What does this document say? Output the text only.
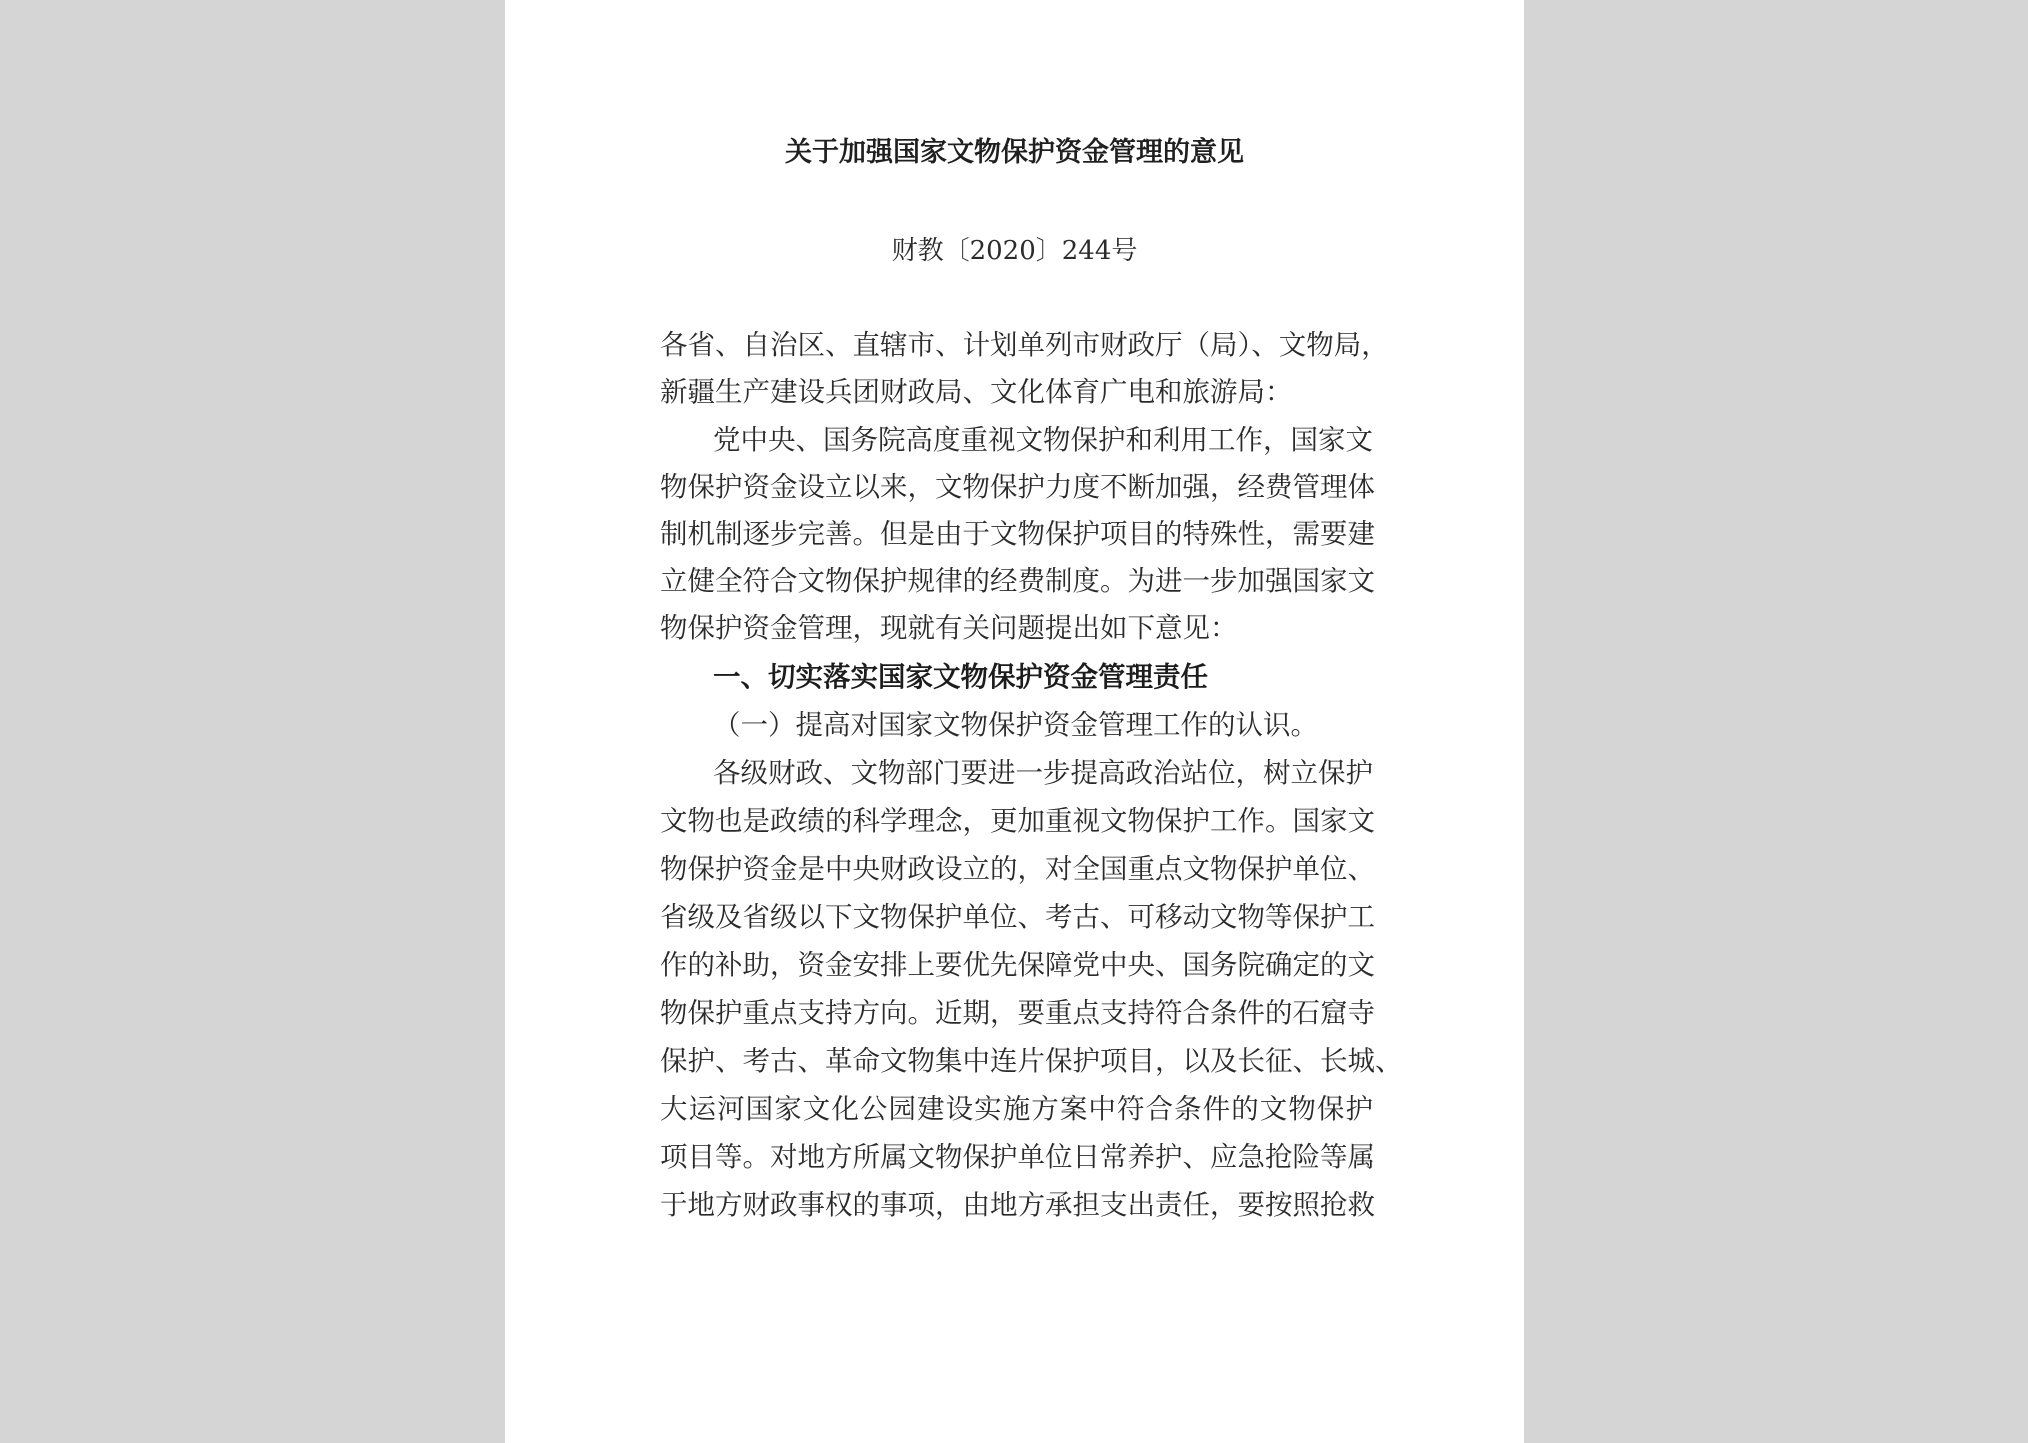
关于加强国家文物保护资金管理的意见
财教〔2020〕244号
各省、自治区、直辖市、计划单列市财政厅（局）、文物局，
新疆生产建设兵团财政局、文化体育广电和旅游局：
党中央、国务院高度重视文物保护和利用工作，国家文
物保护资金设立以来，文物保护力度不断加强，经费管理体
制机制逐步完善。但是由于文物保护项目的特殊性，需要建
立健全符合文物保护规律的经费制度。为进一步加强国家文
物保护资金管理，现就有关问题提出如下意见：
一、切实落实国家文物保护资金管理责任
（一）提高对国家文物保护资金管理工作的认识。
各级财政、文物部门要进一步提高政治站位，树立保护
文物也是政绩的科学理念，更加重视文物保护工作。国家文
物保护资金是中央财政设立的，对全国重点文物保护单位、
省级及省级以下文物保护单位、考古、可移动文物等保护工
作的补助，资金安排上要优先保障党中央、国务院确定的文
物保护重点支持方向。近期，要重点支持符合条件的石窟寺
保护、考古、革命文物集中连片保护项目，以及长征、长城、
大运河国家文化公园建设实施方案中符合条件的文物保护
项目等。对地方所属文物保护单位日常养护、应急抢险等属
于地方财政事权的事项，由地方承担支出责任，要按照抢救
